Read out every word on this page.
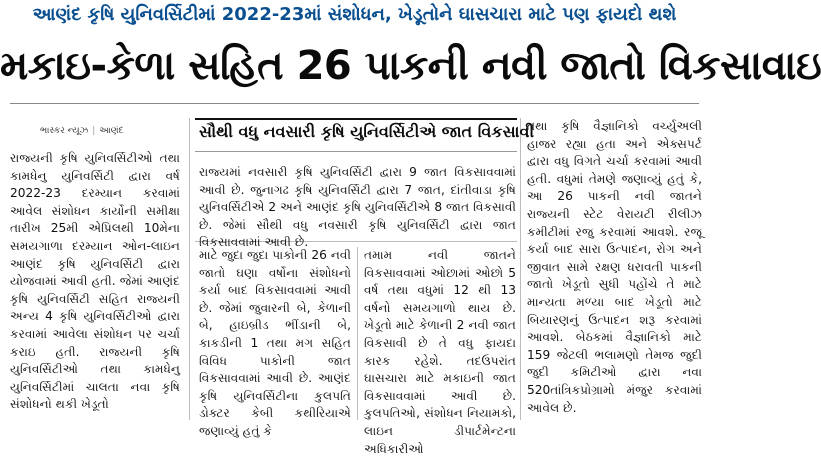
આણંદ કૃષિ યુનિવર્સિટીમાં 2022-23માં સંશોધન, ખેડૂતોને ઘાસચારા માટે પણ ફાયદો થશે
મકાઇ-કેળા સહિત 26 પાકની નવી જાતો વિકસાવાઇ
ભાસ્કર ન્યૂઝ | આણંદ	સૌથી વધુ નવસારી કૃષિ યુનિવર્સિટીએ જાત વિકસાવી
રાજ્યની કૃષિ યુનિવર્સિટીઓ તથા કામધેનુ યુનિવર્સિટી દ્વારા વર્ષ 2022-23 દરમ્યાન કરવામાં આવેલ સંશોધન કાર્યોની સમીક્ષા તારીખ 25મી એપ્રિલથી 10મેના સમયગાળા દરમ્યાન ઓન-લાઇન આણંદ કૃષિ યુનિવર્સિટી દ્વારા યોજવામાં આવી હતી. જેમાં આણંદ કૃષિ યુનિવર્સિટી સહિત રાજ્યની અન્ય 4 કૃષિ યુનિવર્સિટીઓ દ્વારા કરવામાં આવેલા સંશોધન પર ચર્ચા કરાઇ હતી. રાજ્યની કૃષિ યુનિવર્સિટીઓ તથા કામધેનુ યુનિવર્સિટીમાં ચાલતા નવા કૃષિ સંશોધનો થકી ખેડૂતો
રાજ્યમાં નવસારી કૃષિ યુનિવર્સિટી દ્વારા 9 જાત વિકસાવવામાં આવી છે. જુનાગઢ કૃષિ યુનિવર્સિટી દ્વારા 7 જાત, દાંતીવાડા કૃષિ યુનિવર્સિટીએ 2 અને આણંદ કૃષિ યુનિવર્સિટીએ 8 જાત વિકસાવી છે. જેમાં સૌથી વધુ નવસારી કૃષિ યુનિવર્સિટી દ્વારા જાત વિકસાવવામાં આવી છે.
માટે જુદા જુદા પાકોની 26 નવી જાતો ઘણા વર્ષોના સંશોધનો કર્યા બાદ વિકસાવવામાં આવી છે. જેમાં જુવારની બે, કેળાની બે, હાઇબ્રીડ ભીંડાની બે, કાકડીની 1 તથા મગ સહિત વિવિધ પાકોની જાત વિકસાવવામાં આવી છે. આણંદ કૃષિ યુનિવર્સિટીના કુલપતિ ડોક્ટર કેબી કથીરિયાએ જણાવ્યું હતું કે
તમામ નવી જાતને વિકસાવવામાં ઓછામાં ઓછો 5 વર્ષ તથા વધુમાં 12 થી 13 વર્ષનો સમયગાળો થાય છે. ખેડૂતો માટે કેળાની 2 નવી જાત વિકસાવી છે તે વધુ ફાયદા કારક રહેશે. તદઉપરાંત ઘાસચારા માટે મકાઇની જાત વિકસાવવામાં આવી છે. કુલપતિઓ, સંશોધન નિયામકો, લાઇન ડીપાર્ટમેન્ટના અધિકારીઓ
તથા કૃષિ વૈજ્ઞાનિકો વર્ચ્યુઅલી હાજર રહ્યા હતા અને એક્સપર્ટ દ્વારા વધુ વિગતે ચર્ચા કરવામાં આવી હતી. વધુમાં તેમણે જણાવ્યું હતું કે, આ 26 પાકની નવી જાતને રાજ્યની સ્ટેટ વેરાયટી રીલીઝ કમીટીમાં રજુ કરવામાં આવશે. રજૂ કર્યા બાદ સારા ઉત્પાદન, રોગ અને જીવાત સામે રક્ષણ ધરાવતી પાકની જાતો ખેડૂતો સુધી પહોંચે તે માટે માન્યતા મળ્યા બાદ ખેડૂતો માટે બિયારણનું ઉત્પાદન શરૂ કરવામાં આવશે. બેઠકમાં વૈજ્ઞાનિકો માટે 159 જેટલી ભલામણો તેમજ જુદી જુદી કમિટીઓ દ્વારા નવા 520તાંત્રિકપ્રોગ્રામો મંજુર કરવામાં આવેલ છે.
